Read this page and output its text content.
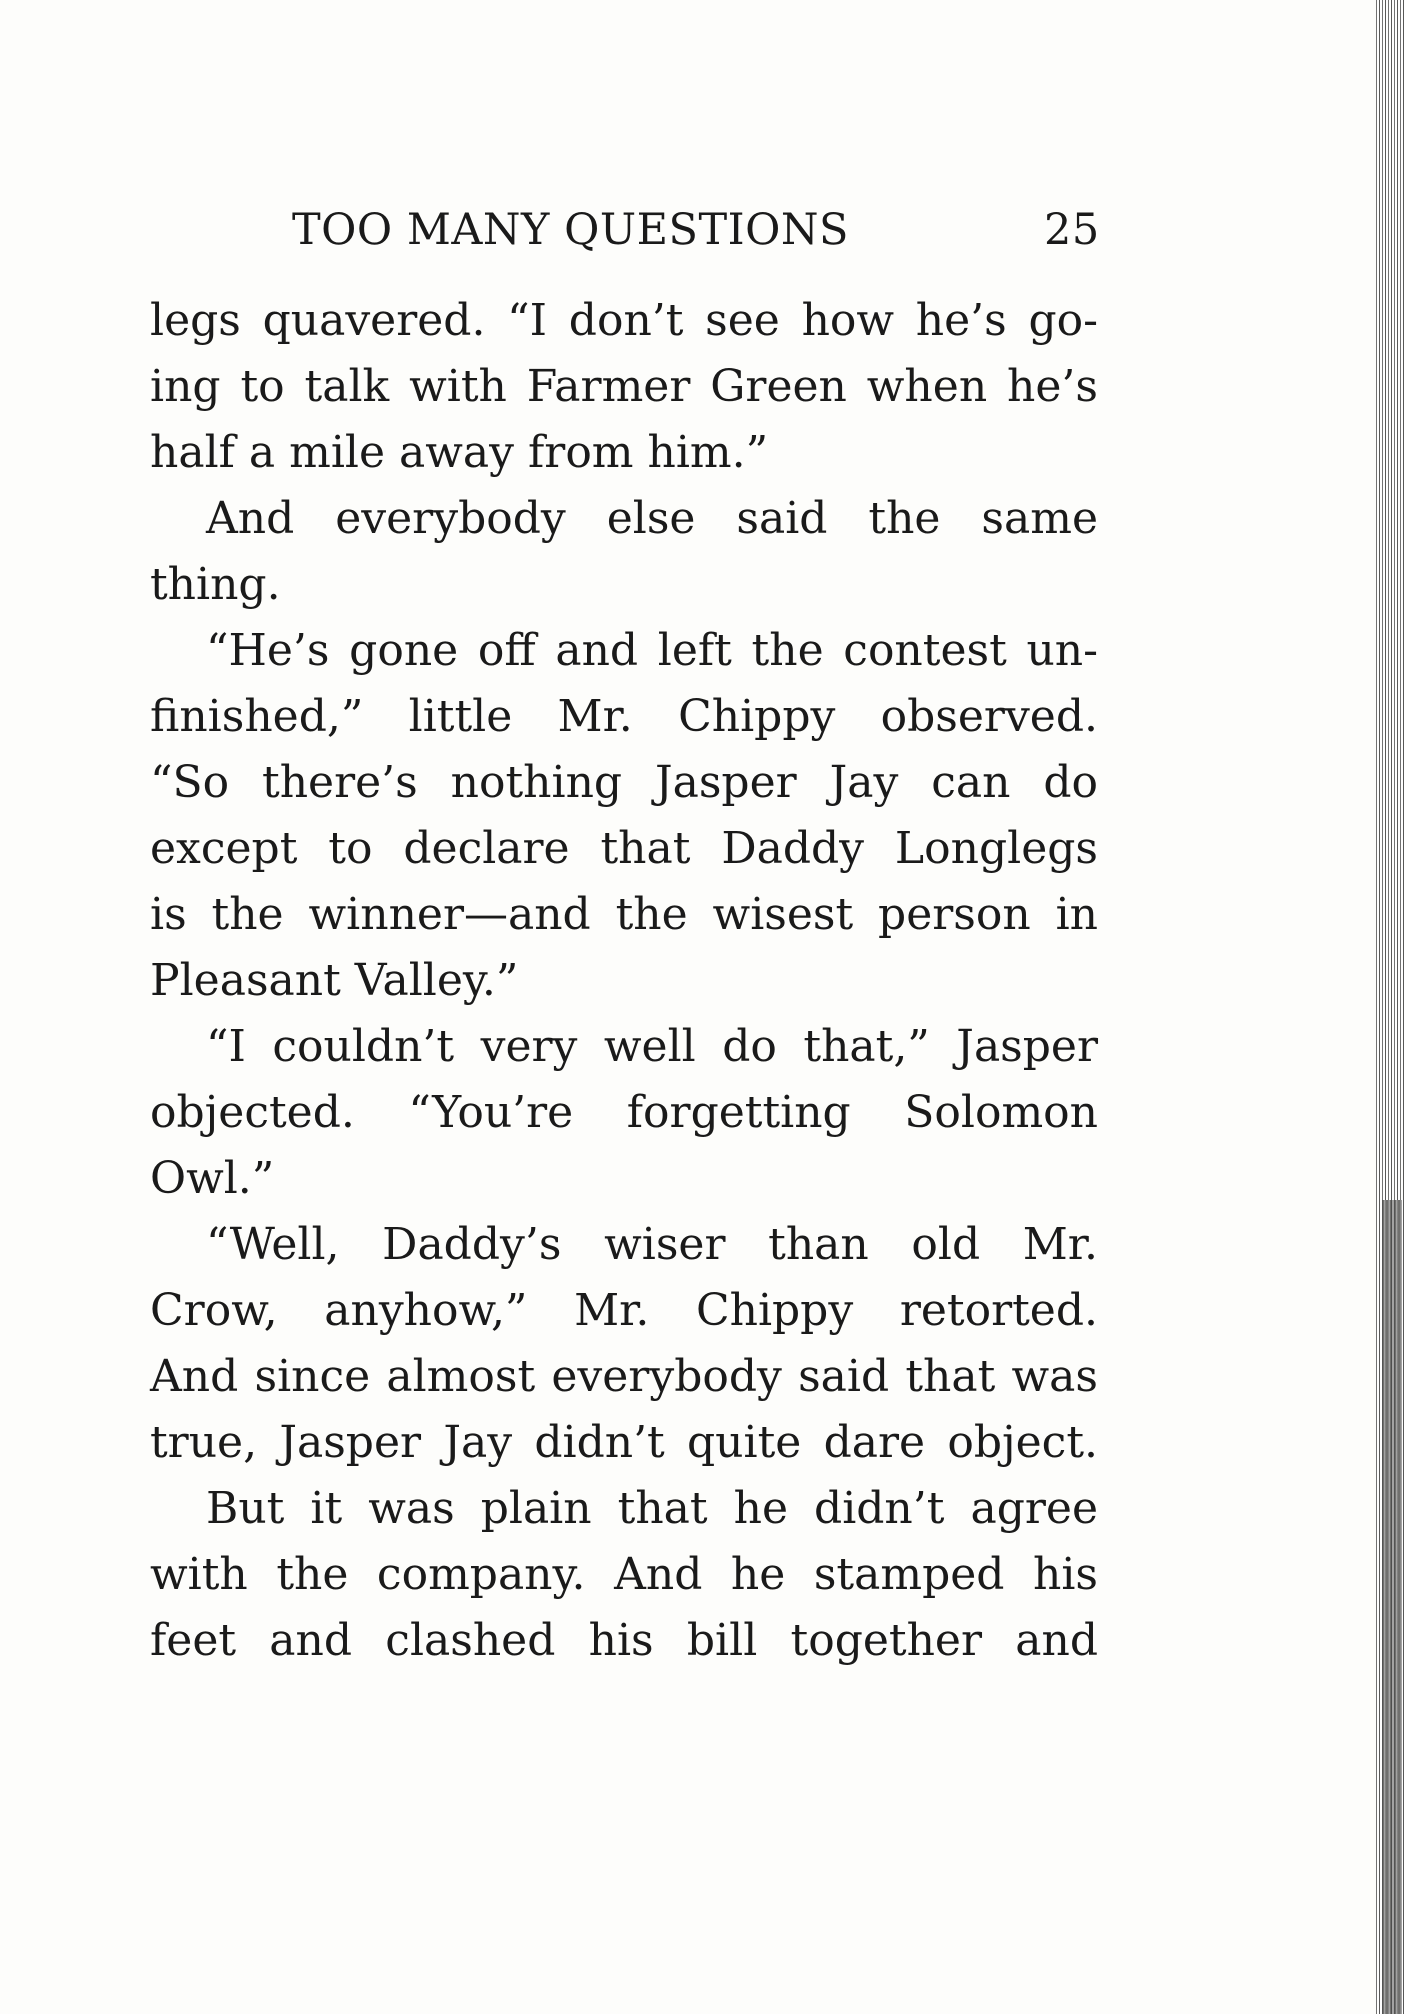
TOO MANY QUESTIONS	25
legs quavered. “I don’t see how he’s go-
ing to talk with Farmer Green when he’s
half a mile away from him.”
And everybody else said the same
thing.
“He’s gone off and left the contest un-
finished,” little Mr. Chippy observed.
“So there’s nothing Jasper Jay can do
except to declare that Daddy Longlegs
is the winner—and the wisest person in
Pleasant Valley.”
“I couldn’t very well do that,” Jasper
objected. “You’re forgetting Solomon
Owl.”
“Well, Daddy’s wiser than old Mr.
Crow, anyhow,” Mr. Chippy retorted.
And since almost everybody said that was
true, Jasper Jay didn’t quite dare object.
But it was plain that he didn’t agree
with the company. And he stamped his
feet and clashed his bill together and
